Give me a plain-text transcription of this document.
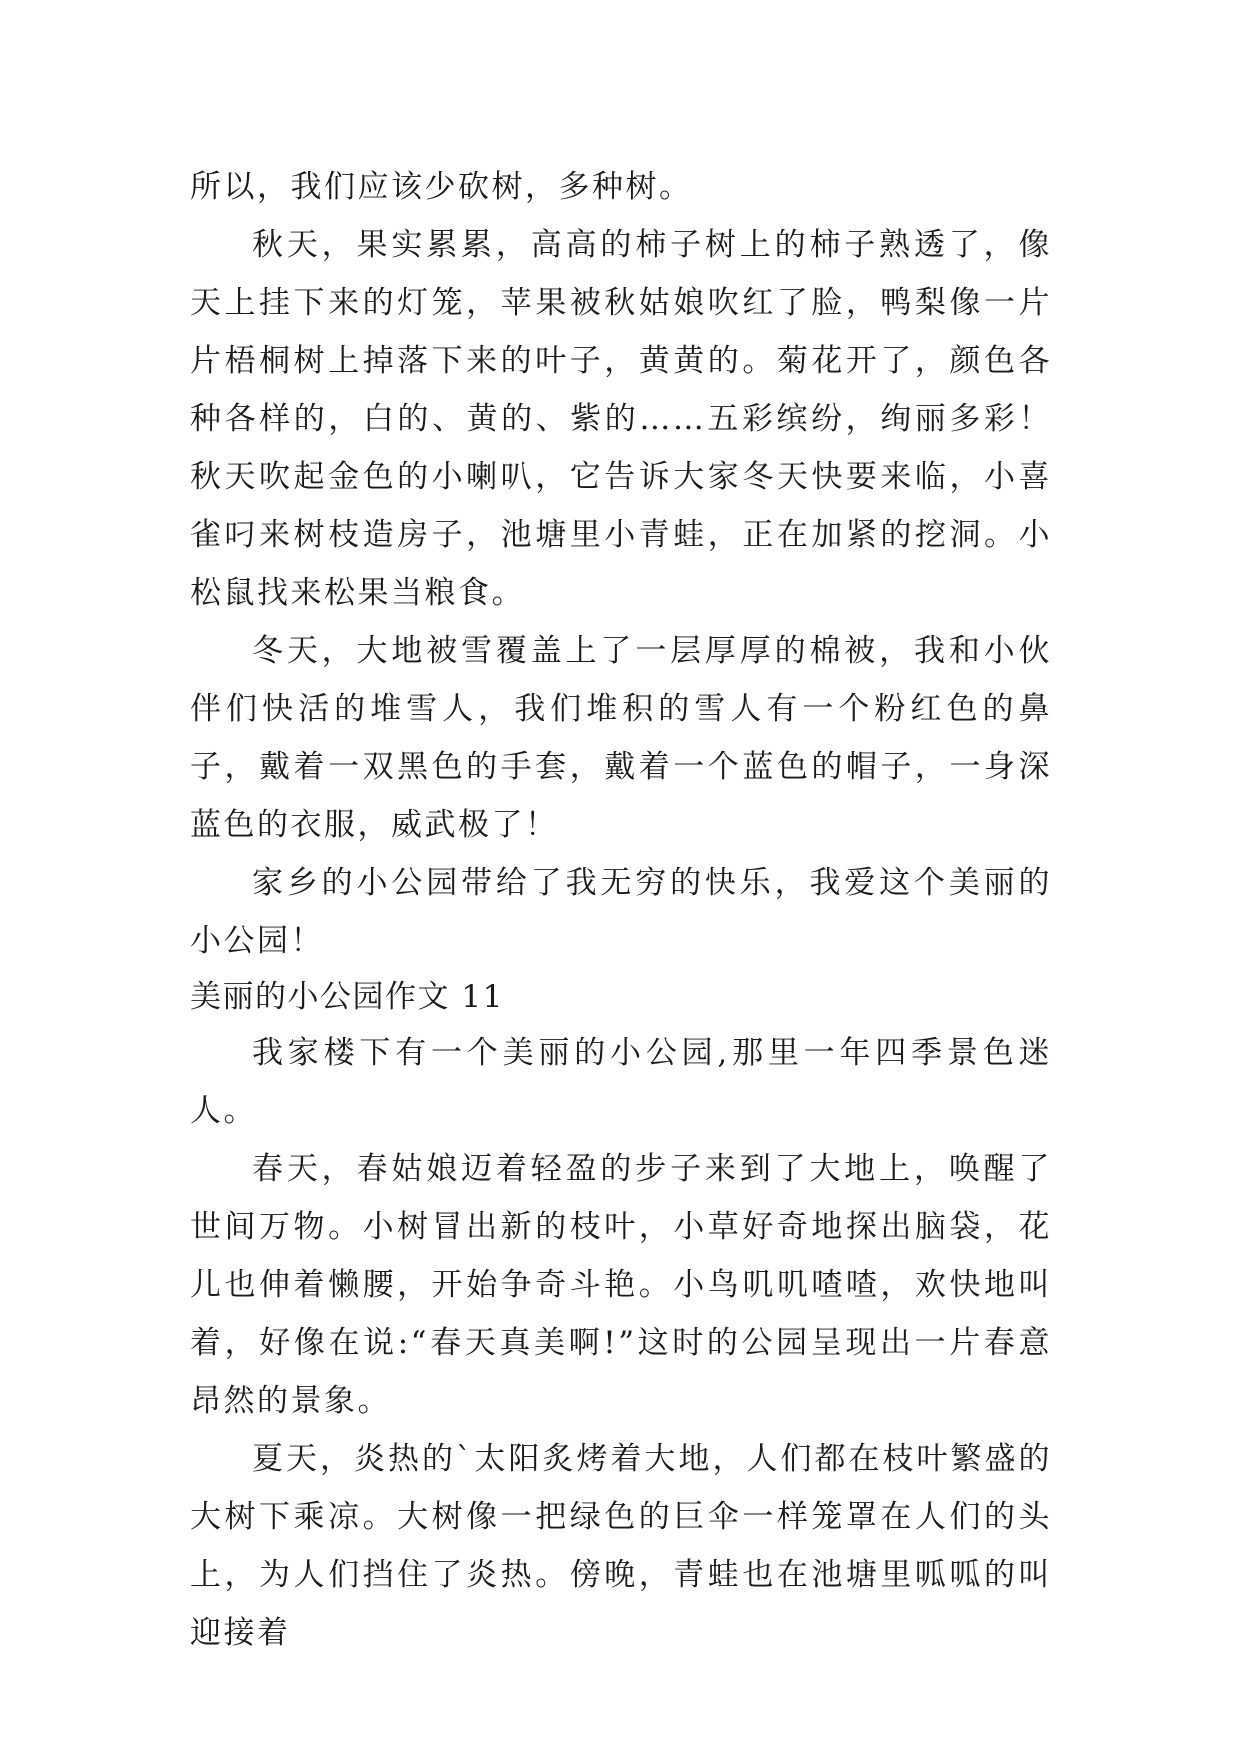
所以，我们应该少砍树，多种树。

秋天，果实累累，高高的柿子树上的柿子熟透了，像天上挂下来的灯笼，苹果被秋姑娘吹红了脸，鸭梨像一片片梧桐树上掉落下来的叶子，黄黄的。菊花开了，颜色各种各样的，白的、黄的、紫的……五彩缤纷，绚丽多彩！秋天吹起金色的小喇叭，它告诉大家冬天快要来临，小喜雀叼来树枝造房子，池塘里小青蛙，正在加紧的挖洞。小松鼠找来松果当粮食。

冬天，大地被雪覆盖上了一层厚厚的棉被，我和小伙伴们快活的堆雪人，我们堆积的雪人有一个粉红色的鼻子，戴着一双黑色的手套，戴着一个蓝色的帽子，一身深蓝色的衣服，威武极了！

家乡的小公园带给了我无穷的快乐，我爱这个美丽的小公园！

美丽的小公园作文 11

我家楼下有一个美丽的小公园,那里一年四季景色迷人。

春天，春姑娘迈着轻盈的步子来到了大地上，唤醒了世间万物。小树冒出新的枝叶，小草好奇地探出脑袋，花儿也伸着懒腰，开始争奇斗艳。小鸟叽叽喳喳，欢快地叫着，好像在说:“春天真美啊!”这时的公园呈现出一片春意昂然的景象。

夏天，炎热的`太阳炙烤着大地，人们都在枝叶繁盛的大树下乘凉。大树像一把绿色的巨伞一样笼罩在人们的头上，为人们挡住了炎热。傍晚，青蛙也在池塘里呱呱的叫迎接着
